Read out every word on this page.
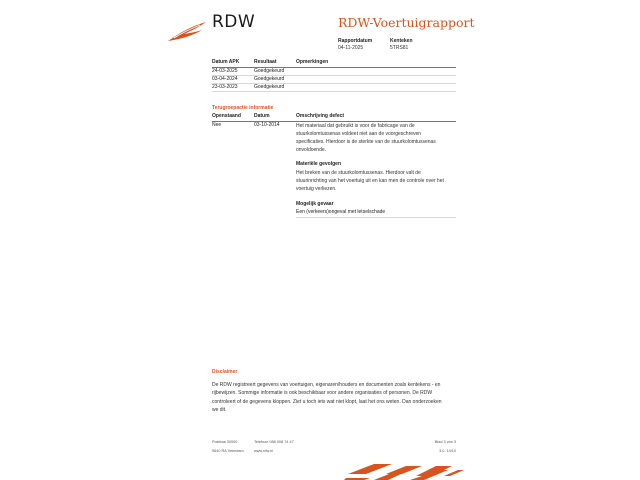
RDW	RDW-Voertuigrapport
Rapportdatum
04-11-2025
Kenteken
5TRS81
Datum APK	Resultaat	Opmerkingen
24-03-2025	Goedgekeurd
03-04-2024	Goedgekeurd
23-03-2023	Goedgekeurd
Terugroepactie informatie
Openstaand	Datum	Omschrijving defect
Nee	03-10-2014	Het materiaal dat gebruikt is voor de fabricage van de
stuurkolomtussenas voldeet niet aan de voorgeschreven
specificaties. Hierdoor is de sterkte van de stuurkolomtussenas
onvoldoende.
Materiële gevolgen
Het breken van de stuurkolomtussenas. Hierdoor valt de
stuurinrichting van het voertuig uit en kan men de controle over het
voertuig verliezen.
Mogelijk gevaar
Een (verkeers)ongeval met letselschade
Disclaimer
De RDW registreert gegevens van voertuigen, eigenaren/houders en documenten zoals kentekens - en
rijbewijzen. Sommige informatie is ook beschikbaar voor andere organisaties of personen. De RDW
controleert of de gegevens kloppen. Ziet u toch iets wat niet klopt, laat het ons weten. Dan onderzoeken
we dit.
Postbus 30000
9640 RA Veendam
Telefoon 088 008 74 47
www.rdw.nl
Blad 3 van 3
3.0. 14/10
